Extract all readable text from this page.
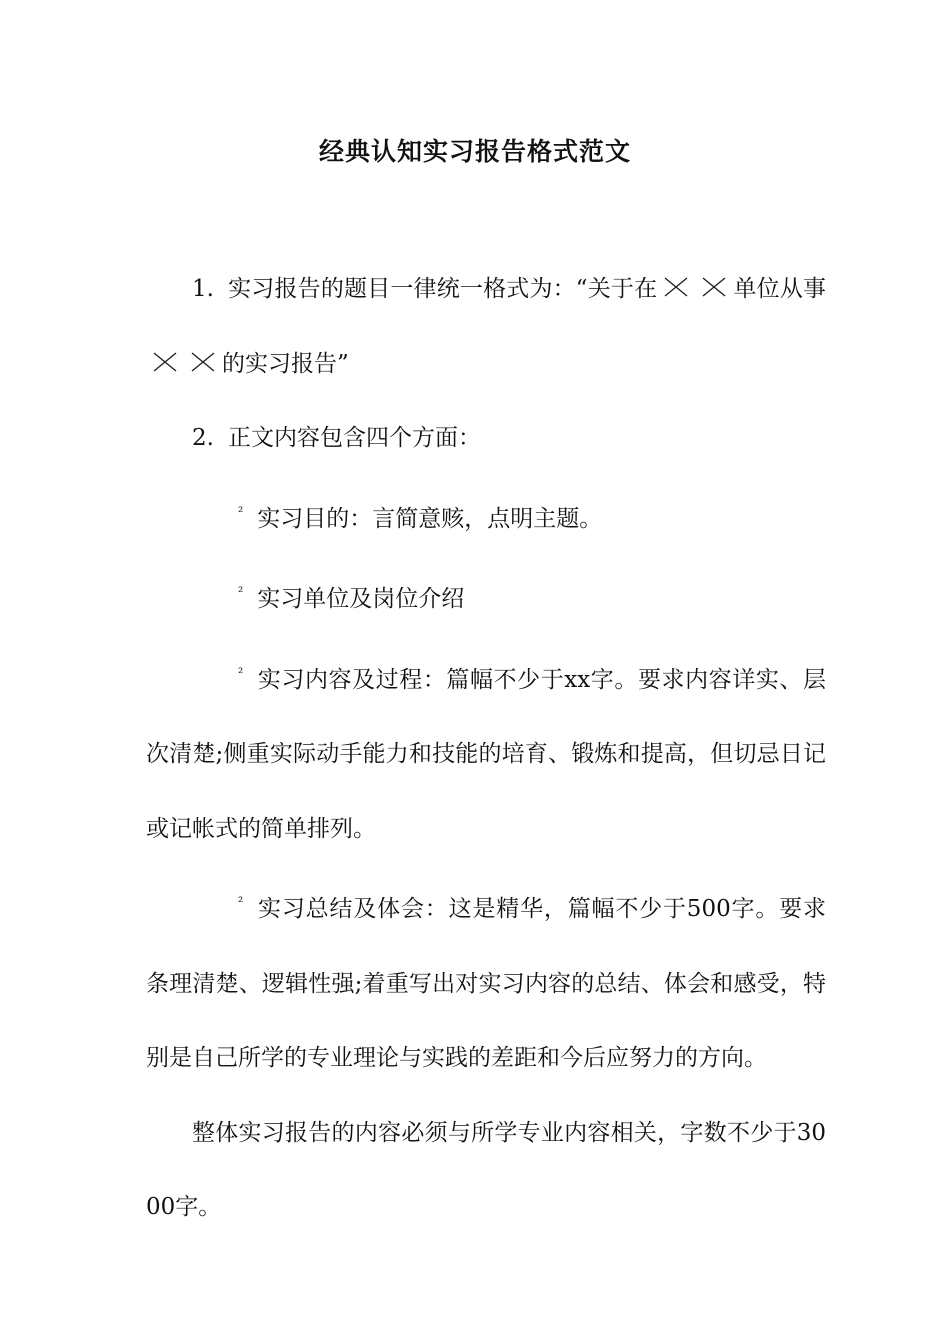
经典认知实习报告格式范文

1. 实习报告的题目一律统一格式为：“关于在	单位从事
的实习报告”

2. 正文内容包含四个方面：

² 实习目的：言简意赅，点明主题。

² 实习单位及岗位介绍

² 实习内容及过程：篇幅不少于xx字。要求内容详实、层次清楚;侧重实际动手能力和技能的培育、锻炼和提高，但切忌日记或记帐式的简单排列。

² 实习总结及体会：这是精华，篇幅不少于500字。要求条理清楚、逻辑性强;着重写出对实习内容的总结、体会和感受，特别是自己所学的专业理论与实践的差距和今后应努力的方向。

整体实习报告的内容必须与所学专业内容相关，字数不少于3000字。
